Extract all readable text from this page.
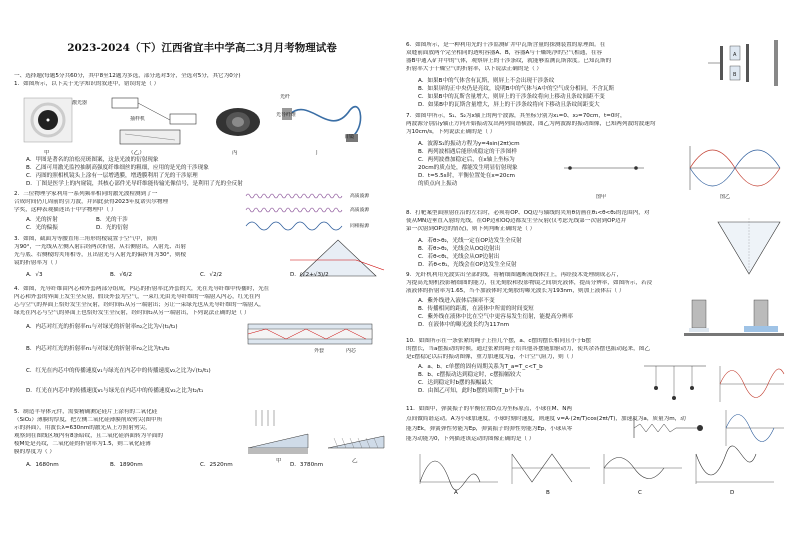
2023-2024（下）江西省宜丰中学高二3月月考物理试卷
一、选择题(每题5分共60分，其中8至12题为多选，部分选对3分，全选对5分，其它为0分)
1．如图所示，以下关于光学知识的叙述中，错误的是（ ）
激光器
抽样机
光纤
光导纤维
目镜
甲	（乙）	丙	丁
A．甲图是著名的泊松亮斑图案，这是光波的衍射现象
B．乙图可用激光监控抽制高强度纤维细丝的粗细，应用的是光的干涉现象
C．丙图的照相机镜头上涂有一层增透膜，增透膜利用了光的干涉原理
D．丁图是医学上的内窥镜，其核心部件光导纤维能传输光像信号，是利用了光的全反射
2．三位物理学家利用一系列频率相同的激光波检测到了一
合成时间仍几周前的引力波，并因此获得2023年度诺贝尔物理
学奖，这种表观描述出于中学物理中（ ）
A．光的折射	B．光的干涉
C．光的偏振	D．光的衍射
高质波源
高质波源
同相振源
3．如图，截面为等腰直角三角形的棱镜置于空气中，顶角
为90°，一光线从左侧入射后经两次折射，从右侧射出，入射光、出射
光与底、右侧棱的夹角相等，且出射光与入射光的偏折角为30°，则棱
镜的折射率为（ ）
A．√3	B．√6/2	C．√2/2	D．(√2+√3)/2
4．如图，光导纤维由内芯和外套两部分组成，内芯的折射率比外套的大，光在光导纤维中传播时，光在
内芯和外套的界面上发生全反射，假设外套为空气，一束红光由光导纤维的一端射入内芯，红光在内
芯与空气的界面上恰好发生全反射，经时间t₁从另一端射出；另让一束绿光也从光导纤维的一端射入，
绿光在内芯与空气的界面上也恰好发生全反射，经时间t₂从另一端射出，下列说法正确的是（ ）
A．内芯对红光的折射率n₁与对绿光的折射率n₂之比为√(t₁/t₂)
B．内芯对红光的折射率n₁与对绿光的折射率n₂之比为t₁/t₂
C．红光在内芯中的传播速度v₁与绿光在内芯中的传播速度v₂之比为√(t₂/t₁)
D．红光在内芯中的传播速度v₁与绿光在内芯中的传播速度v₂之比为t₂/t₁
外套	内芯
5．制造半导体元件，需要精确测定硅片上涂有的二氧化硅
（SiO₂）薄膜的厚度，把左侧二氧化硅薄膜削成劈尖(图甲所
示的斜面），用波长λ=630nm的激光从上方照射劈尖，
观察到在图线区域内有8条暗纹，且二氧化硅斜面转为平面的
棱M处是亮纹，二氧化硅的折射率为1.5，则二氧化硅薄
膜的厚度为（ ）
甲	乙
A．1680nm	B．1890nm	C．2520nm	D．3780nm
6．如图所示，是一种利用光的干涉监测矿井中瓦斯含量的探测装置的原理图。在
双缝前面放两个完全相同的透明容器A、B，容器A与干燥纯净的空气相通，在容
器B中通入矿井中的气体，观察屏上的干涉条纹，就能够监测瓦斯浓度。已知瓦斯的
折射率大于干燥空气的折射率，以下说法正确的是（ ）
A
B
A．如果B中的气体含有瓦斯，则屏上不会出现干涉条纹
B．如果屏的正中央仍是亮纹，说明B中的气体与A中的空气成分相同，不含瓦斯
C．如果B中的瓦斯含量增大，则屏上的干涉条纹将向上移动且条纹间距不变
D．如果B中的瓦斯含量增大，屏上的干涉条纹将向下移动且条纹间距变大
7．如图甲所示，S₁、S₂为x轴上的两个波源，其坐标分别为x₁=0、x₂=70cm，t=0时，
两波源分别沿y轴正方向开始振动发出两列简谐横波，图乙为两波源的振动图像，已知两列波的波速均
为10cm/s，下列说法正确的是（ ）
A．波源S₁的振动方程为y=4sin(2πt)cm
B．两列波相遇后能形成稳定的干涉图样
C．两列波叠加稳定后，在x轴上坐标为
20cm的质点处，都能发生明显衍射现象
D．t=5.5s时，平衡位置处在x=20cm
的质点向上振动
图甲	图乙
8．打靶案型面照射在沿的左右时，必须将OP、OQ边与轴线的夹角θ切画在θ₁<θ<θ₂的范围内，对
使从MN边垂直入射的光线，在OP边和OQ边都发生全反射(仅考虑光线第一次射到OP边并
第一次射到OP边的情况)，则下列判断正确的是（ ）
A．若θ>θ₂，光线一定在OP边发生全反射
B．若θ>θ₂，光线会从OQ边射出
C．若θ<θ₁，光线会从OP边射出
D．若θ<θ₁，光线会在OP边发生全反射
9．光纤机利用光波实出全部的线，将精细图题断流线体注上，再经技术处理制成芯片，
为提高光刻机投影精细图的能力，在光刻胶和投影物镜之间填充液体，提高分辨率，如图所示，若浸
液液体的折射率为1.65，当不加液体时光刻胶的曝光波长为193nm，则加上液体后（ ）
A．紫外线进入液体后频率不变
B．传播相同的距离，在液体中所需的时间变短
C．紫外线在液体中比在空气中更容易发生衍射，能提高分辨率
D．在液体中的曝光波长约为117nm
10．如图所示在一条张紧的绳子上挂几个摆，a、c摆的摆长相同且小于b摆
的摆长，当a摆振动的时候，通过张紧的绳子给其他各摆施加驱动力，使其余各摆也振动起来，图乙
是c摆稳定以后的振动图像，重力加速度为g，不计空气阻力，则（ ）
A．a、b、c单摆的固有周期关系为T_a=T_c<T_b
B．b、c摆振动达到稳定时，c摆振幅较大
C．达到稳定时b摆的振幅最大
D．由图乙可知，此时b摆的周期T_b小于t₀
11．如图甲，弹簧振子的平衡位置O点为坐标原点，小球在M、N两
点间做简谐运动。A为小球加速度，小球时刻时速度，则速度 v=A·(2π/T)cos(2πt/T)，加速度为a，质量为m，动
能为Ek，弹簧弹性势能为Ep，弹簧振子的弹性势能为Ep，小球从零
能为动能为0，下列描述该运动的图像正确的是（ ）
A	B	C	D
